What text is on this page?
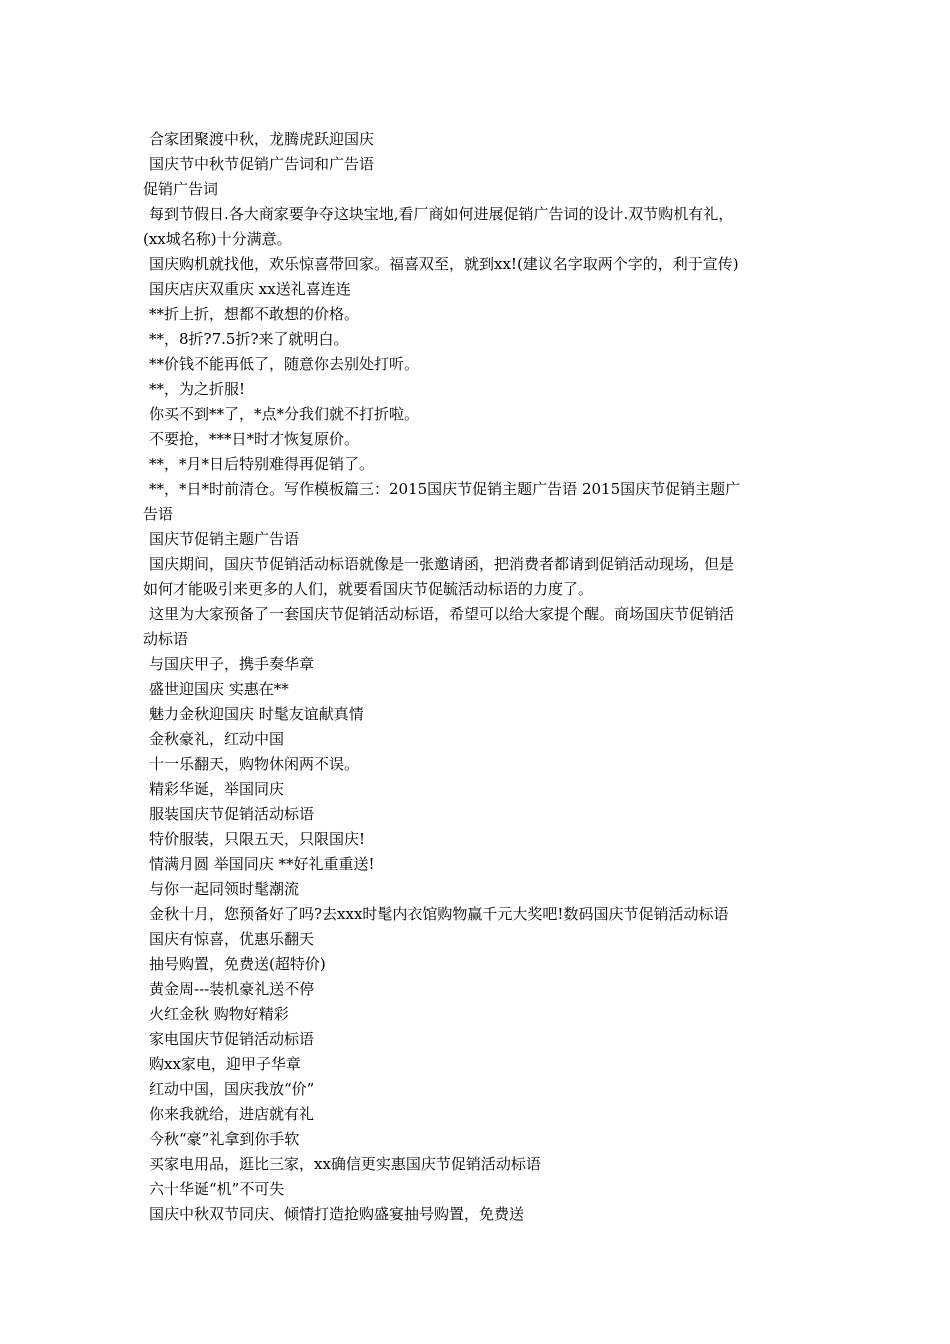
合家团聚渡中秋，龙腾虎跃迎国庆

国庆节中秋节促销广告词和广告语

促销广告词

每到节假日.各大商家要争夺这块宝地,看厂商如何进展促销广告词的设计.双节购机有礼，

(xx城名称)十分满意。

国庆购机就找他，欢乐惊喜带回家。福喜双至，就到xx!(建议名字取两个字的，利于宣传)

国庆店庆双重庆 xx送礼喜连连

**折上折，想都不敢想的价格。

**，8折?7.5折?来了就明白。

**价钱不能再低了，随意你去别处打听。

**，为之折服!

你买不到**了，*点*分我们就不打折啦。

不要抢，***日*时才恢复原价。

**，*月*日后特别难得再促销了。

**，*日*时前清仓。写作模板篇三：2015国庆节促销主题广告语 2015国庆节促销主题广

告语

国庆节促销主题广告语

国庆期间，国庆节促销活动标语就像是一张邀请函，把消费者都请到促销活动现场，但是

如何才能吸引来更多的人们，就要看国庆节促毓活动标语的力度了。

这里为大家预备了一套国庆节促销活动标语，希望可以给大家提个醒。商场国庆节促销活

动标语

与国庆甲子，携手奏华章

盛世迎国庆 实惠在**

魅力金秋迎国庆 时髦友谊献真情

金秋豪礼，红动中国

十一乐翻天，购物休闲两不误。

精彩华诞，举国同庆

服装国庆节促销活动标语

特价服装，只限五天，只限国庆!

情满月圆 举国同庆 **好礼重重送!

与你一起同领时髦潮流

金秋十月，您预备好了吗?去xxx时髦内衣馆购物赢千元大奖吧!数码国庆节促销活动标语

国庆有惊喜，优惠乐翻天

抽号购置，免费送(超特价)

黄金周---装机豪礼送不停

火红金秋 购物好精彩

家电国庆节促销活动标语

购xx家电，迎甲子华章

红动中国，国庆我放“价”

你来我就给，进店就有礼

今秋“豪”礼拿到你手软

买家电用品，逛比三家，xx确信更实惠国庆节促销活动标语

六十华诞“机”不可失

国庆中秋双节同庆、倾情打造抢购盛宴抽号购置，免费送
